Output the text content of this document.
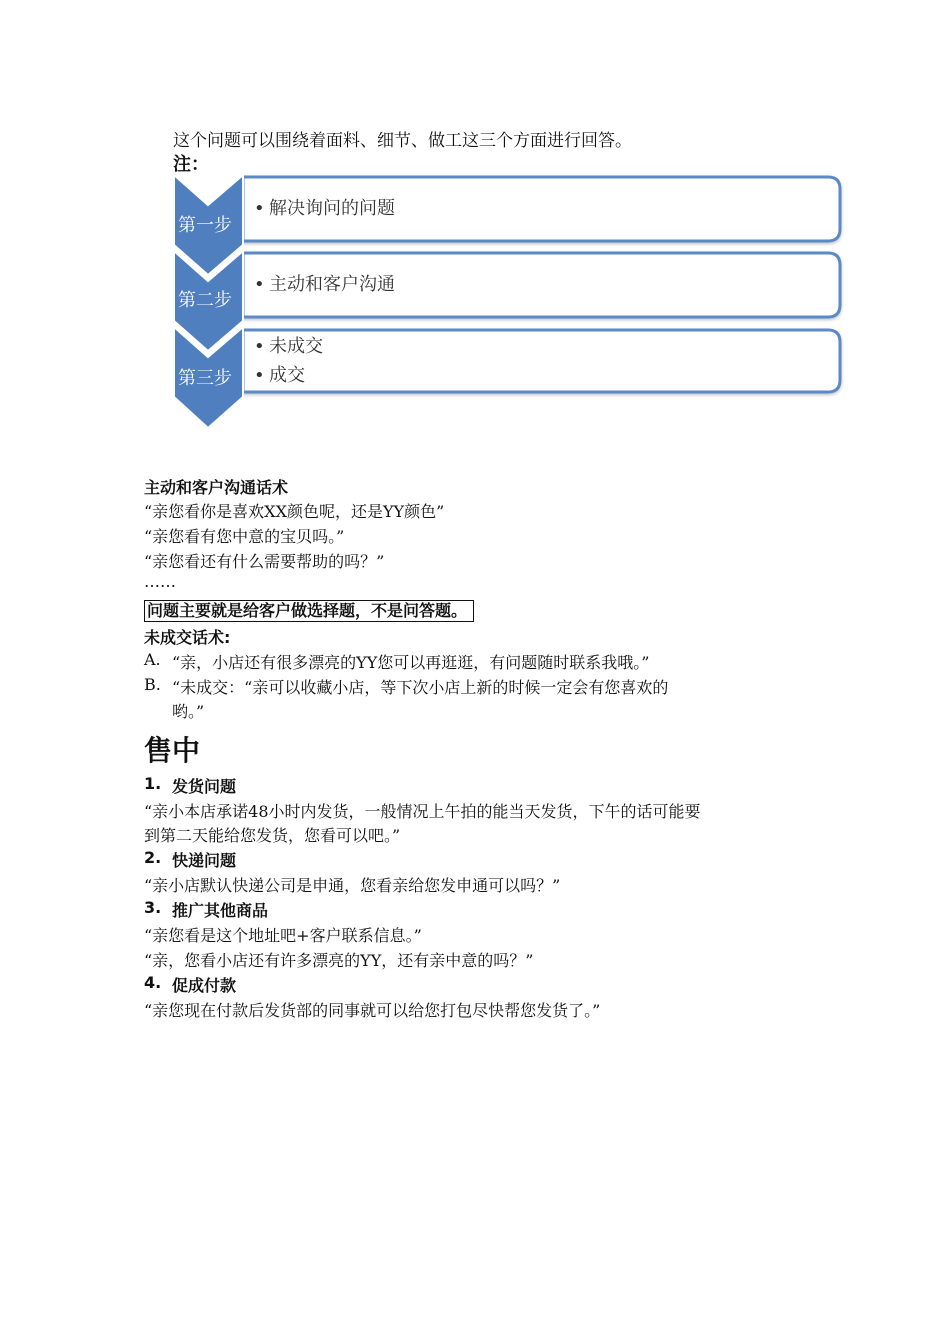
这个问题可以围绕着面料、细节、做工这三个方面进行回答。
注：
第一步
第二步
第三步
• 解决询问的问题
• 主动和客户沟通
• 未成交
• 成交
主动和客户沟通话术
“亲您看你是喜欢XX颜色呢，还是YY颜色”
“亲您看有您中意的宝贝吗。”
“亲您看还有什么需要帮助的吗？”
……
问题主要就是给客户做选择题，不是问答题。
未成交话术:
A. “亲，小店还有很多漂亮的YY您可以再逛逛，有问题随时联系我哦。”
B. “未成交：“亲可以收藏小店，等下次小店上新的时候一定会有您喜欢的
哟。”
售中
1. 发货问题
“亲小本店承诺48小时内发货，一般情况上午拍的能当天发货，下午的话可能要
到第二天能给您发货，您看可以吧。”
2. 快递问题
“亲小店默认快递公司是申通，您看亲给您发申通可以吗？”
3. 推广其他商品
“亲您看是这个地址吧+客户联系信息。”
“亲，您看小店还有许多漂亮的YY，还有亲中意的吗？”
4. 促成付款
“亲您现在付款后发货部的同事就可以给您打包尽快帮您发货了。”
